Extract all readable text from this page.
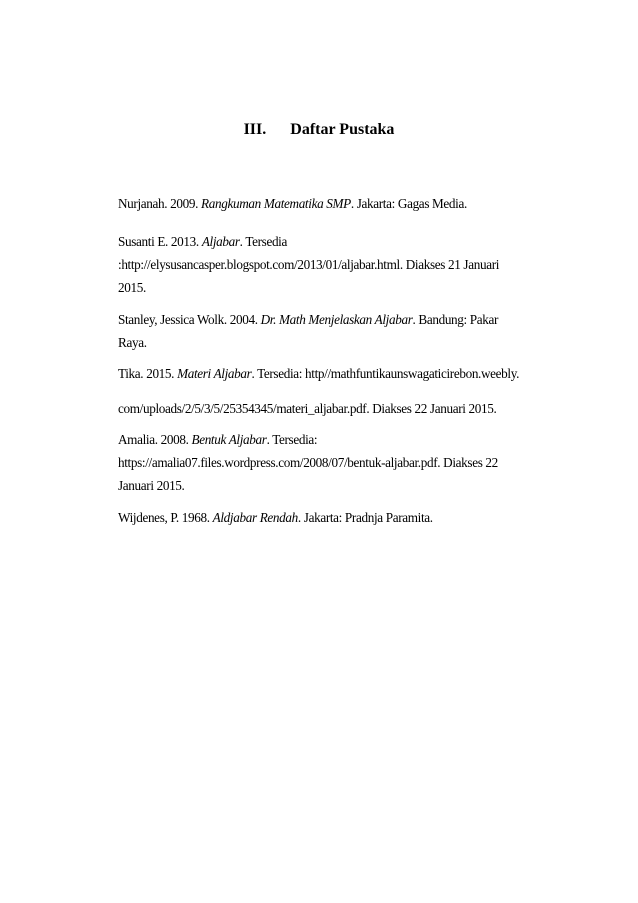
III. Daftar Pustaka
Nurjanah. 2009. Rangkuman Matematika SMP. Jakarta: Gagas Media.
Susanti E. 2013. Aljabar. Tersedia
:http://elysusancasper.blogspot.com/2013/01/aljabar.html. Diakses 21 Januari
2015.
Stanley, Jessica Wolk. 2004. Dr. Math Menjelaskan Aljabar. Bandung: Pakar
Raya.
Tika. 2015. Materi Aljabar. Tersedia: http//mathfuntikaunswagaticirebon.weebly.
com/uploads/2/5/3/5/25354345/materi_aljabar.pdf. Diakses 22 Januari 2015.
Amalia. 2008. Bentuk Aljabar. Tersedia:
https://amalia07.files.wordpress.com/2008/07/bentuk-aljabar.pdf. Diakses 22
Januari 2015.
Wijdenes, P. 1968. Aldjabar Rendah. Jakarta: Pradnja Paramita.
